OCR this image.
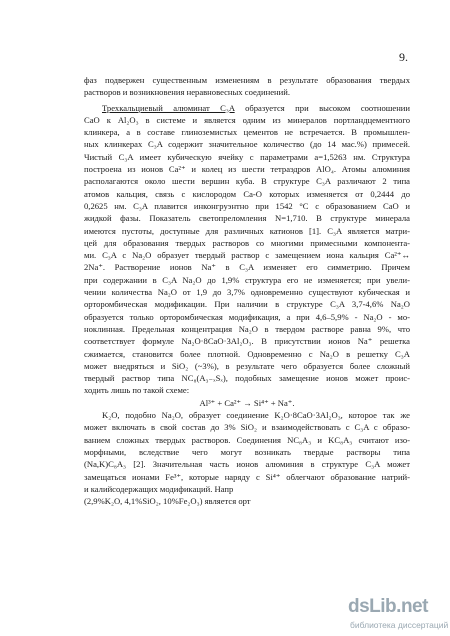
9.
фаз подвержен существенным изменениям в результате образования твердых
растворов и возникновения неравновесных соединений.
Трехкальциевый алюминат C₃A образуется при высоком соотношении
CaO к Al₂O₃ в системе и является одним из минералов портландцементного
клинкера, а в составе глиноземистых цементов не встречается. В промышлен-
ных клинкерах C₃A содержит значительное количество (до 14 мас.%) примесей.
Чистый C₃A имеет кубическую ячейку с параметрами a=1,5263 нм. Структура
построена из ионов Ca²⁺ и колец из шести тетраэдров AlO₄. Атомы алюминия
располагаются около шести вершин куба. В структуре C₃A различают 2 типа
атомов кальция, связь с кислородом Ca-O которых изменяется от 0,2444 до
0,2625 нм. C₃A плавится инконгруэнтно при 1542 °С с образованием CaO и
жидкой фазы. Показатель светопреломления N=1,710. В структуре минерала
имеются пустоты, доступные для различных катионов [1]. C₃A является матри-
цей для образования твердых растворов со многими примесными компонента-
ми. C₃A с Na₂O образует твердый раствор с замещением иона кальция Ca²⁺↔
2Na⁺. Растворение ионов Na⁺ в C₃A изменяет его симметрию. Причем
при содержании в C₃A Na₂O до 1,9% структура его не изменяется; при увели-
чении количества Na₂O от 1,9 до 3,7% одновременно существуют кубическая и
орторомбическая модификации. При наличии в структуре C₃A 3,7-4,6% Na₂O
образуется только орторомбическая модификация, а при 4,6–5,9% - Na₂O - мо-
ноклинная. Предельная концентрация Na₂O в твердом растворе равна 9%, что
соответствует формуле Na₂O·8CaO·3Al₂O₃. В присутствии ионов Na⁺ решетка
сжимается, становится более плотной. Одновременно с Na₂O в решетку C₃A
может внедряться и SiO₂ (~3%), в результате чего образуется более сложный
твердый раствор типа NC₈(A₃₋ₓSₓ), подобных замещение ионов может проис-
ходить лишь по такой схеме:
Al³⁺ + Ca²⁺ → Si⁴⁺ + Na⁺.
K₂O, подобно Na₂O, образует соединение K₂O·8CaO·3Al₂O₃, которое так же
может включать в свой состав до 3% SiO₂ и взаимодействовать с C₃A с образо-
ванием сложных твердых растворов. Соединения NC₈A₃ и KC₈A₃ считают изо-
морфными, вследствие чего могут возникать твердые растворы типа
(Na,K)C₈A₃ [2]. Значительная часть ионов алюминия в структуре C₃A может
замещаться ионами Fe³⁺, которые наряду с Si⁴⁺ облегчают образование натрий-
и калийсодержащих модификаций. Напр
(2,9%K₂O, 4,1%SiO₂, 10%Fe₂O₃) является орт
dsLib.net
библиотека диссертаций
